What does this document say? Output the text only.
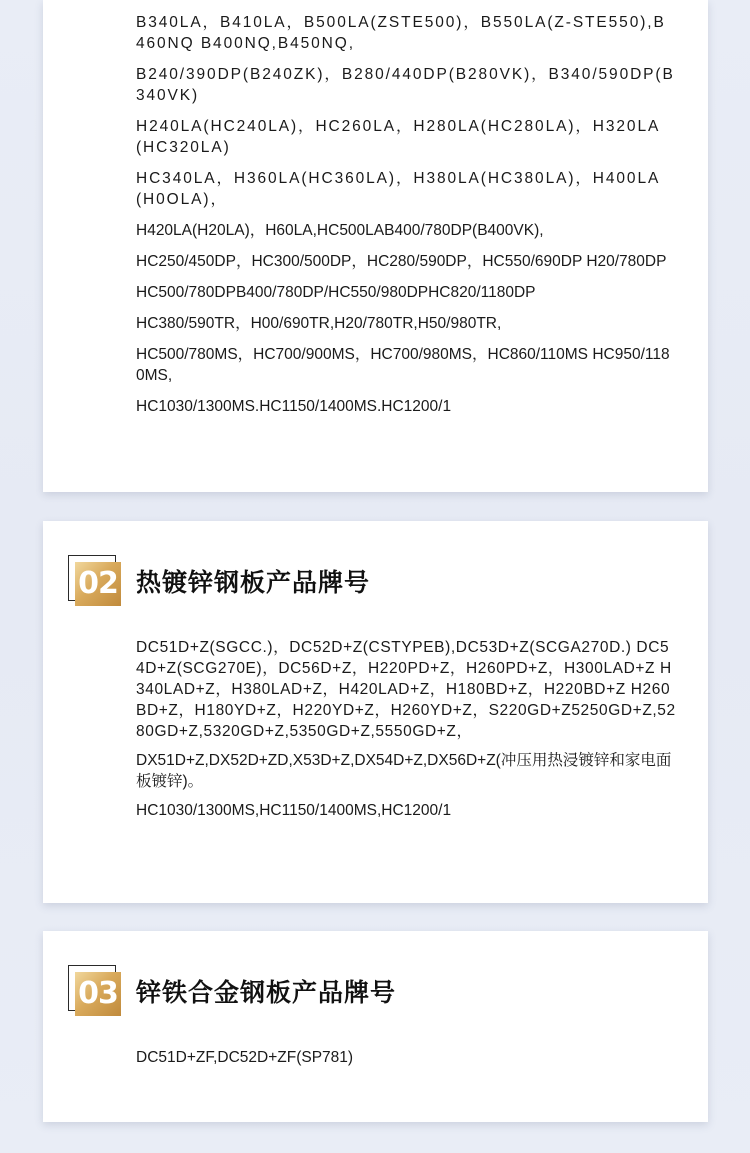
B340LA，B410LA，B500LA(ZSTE500)，B550LA(Z-STE550),B460NQ B400NQ,B450NQ,
B240/390DP(B240ZK)，B280/440DP(B280VK)，B340/590DP(B340VK)
H240LA(HC240LA)，HC260LA，H280LA(HC280LA)，H320LA(HC320LA)
HC340LA，H360LA(HC360LA)，H380LA(HC380LA)，H400LA(H0OLA)，
H420LA(H20LA)，H60LA,HC500LAB400/780DP(B400VK),
HC250/450DP，HC300/500DP，HC280/590DP，HC550/690DP H20/780DP
HC500/780DPB400/780DP/HC550/980DPHC820/1180DP
HC380/590TR，H00/690TR,H20/780TR,H50/980TR,
HC500/780MS，HC700/900MS，HC700/980MS，HC860/110MS HC950/1180MS,
HC1030/1300MS.HC1150/1400MS.HC1200/1
02 热镀锌钢板产品牌号
DC51D+Z(SGCC.)，DC52D+Z(CSTYPEB),DC53D+Z(SCGA270D.) DC54D+Z(SCG270E)，DC56D+Z，H220PD+Z，H260PD+Z，H300LAD+Z H340LAD+Z，H380LAD+Z，H420LAD+Z，H180BD+Z，H220BD+Z H260BD+Z，H180YD+Z，H220YD+Z，H260YD+Z，S220GD+Z5250GD+Z,5280GD+Z,5320GD+Z,5350GD+Z,5550GD+Z，
DX51D+Z,DX52D+ZD,X53D+Z,DX54D+Z,DX56D+Z(冲压用热浸镀锌和家电面板镀锌)。
HC1030/1300MS,HC1150/1400MS,HC1200/1
03 锌铁合金钢板产品牌号
DC51D+ZF,DC52D+ZF(SP781)
